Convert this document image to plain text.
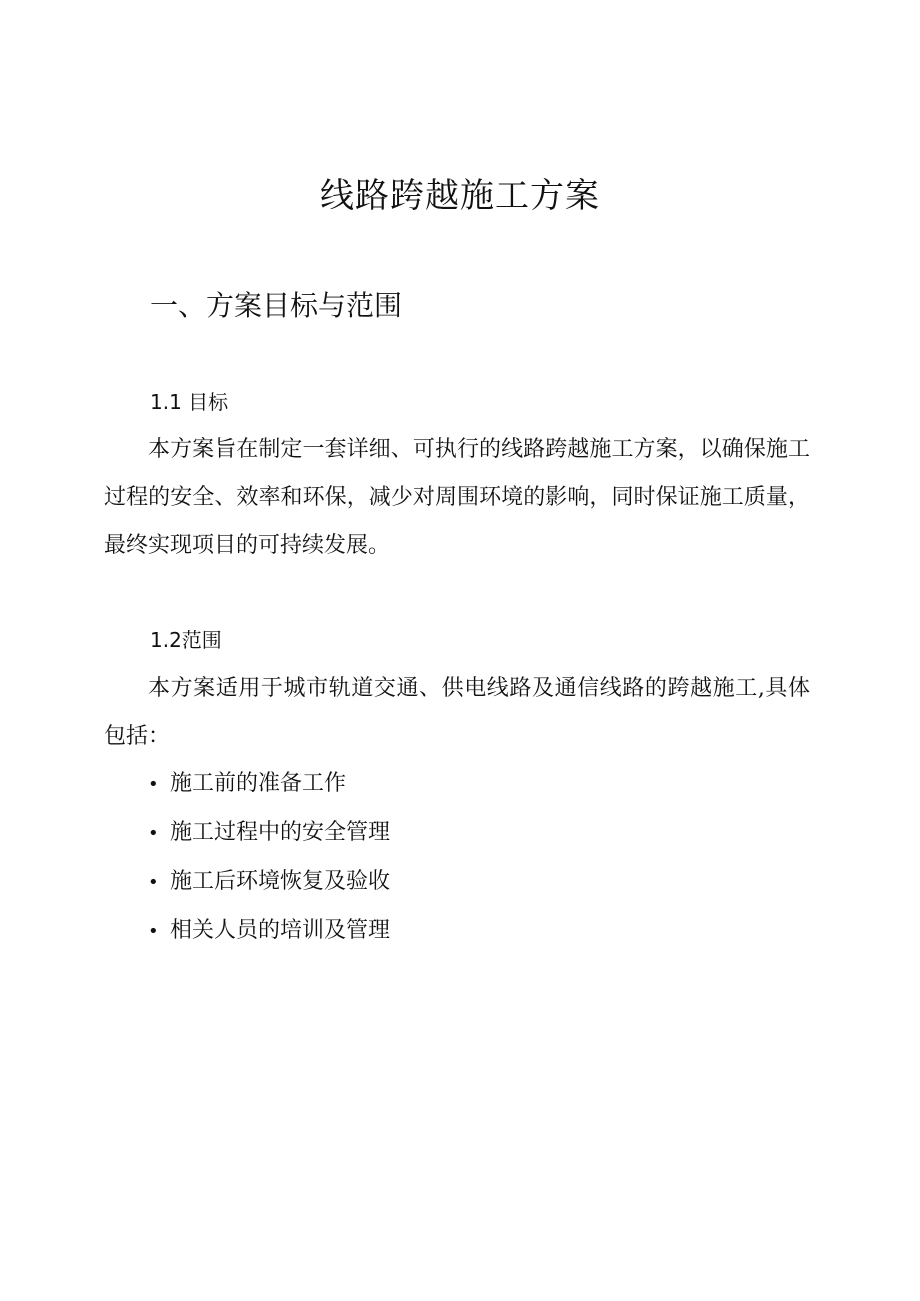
线路跨越施工方案
一、方案目标与范围
1.1 目标

本方案旨在制定一套详细、可执行的线路跨越施工方案，以确保施工过程的安全、效率和环保，减少对周围环境的影响，同时保证施工质量，最终实现项目的可持续发展。

1.2范围

本方案适用于城市轨道交通、供电线路及通信线路的跨越施工,具体包括：

• 施工前的准备工作
• 施工过程中的安全管理
• 施工后环境恢复及验收
• 相关人员的培训及管理
